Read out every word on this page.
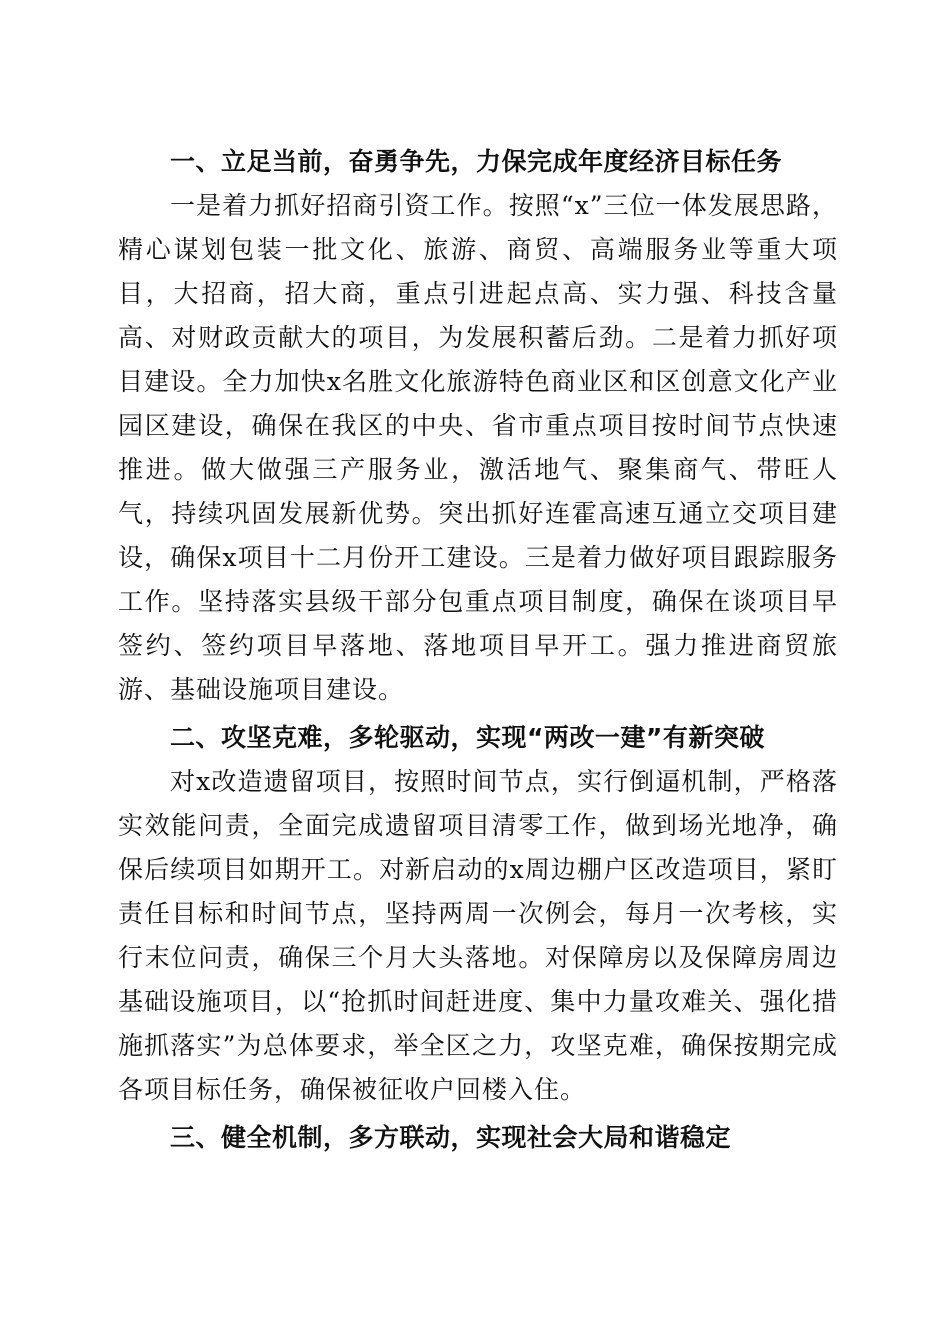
一、立足当前，奋勇争先，力保完成年度经济目标任务

一是着力抓好招商引资工作。按照“x”三位一体发展思路，精心谋划包装一批文化、旅游、商贸、高端服务业等重大项目，大招商，招大商，重点引进起点高、实力强、科技含量高、对财政贡献大的项目，为发展积蓄后劲。二是着力抓好项目建设。全力加快x名胜文化旅游特色商业区和区创意文化产业园区建设，确保在我区的中央、省市重点项目按时间节点快速推进。做大做强三产服务业，激活地气、聚集商气、带旺人气，持续巩固发展新优势。突出抓好连霍高速互通立交项目建设，确保x项目十二月份开工建设。三是着力做好项目跟踪服务工作。坚持落实县级干部分包重点项目制度，确保在谈项目早签约、签约项目早落地、落地项目早开工。强力推进商贸旅游、基础设施项目建设。

二、攻坚克难，多轮驱动，实现“两改一建”有新突破

对x改造遗留项目，按照时间节点，实行倒逼机制，严格落实效能问责，全面完成遗留项目清零工作，做到场光地净，确保后续项目如期开工。对新启动的x周边棚户区改造项目，紧盯责任目标和时间节点，坚持两周一次例会，每月一次考核，实行末位问责，确保三个月大头落地。对保障房以及保障房周边基础设施项目，以“抢抓时间赶进度、集中力量攻难关、强化措施抓落实”为总体要求，举全区之力，攻坚克难，确保按期完成各项目标任务，确保被征收户回楼入住。

三、健全机制，多方联动，实现社会大局和谐稳定
